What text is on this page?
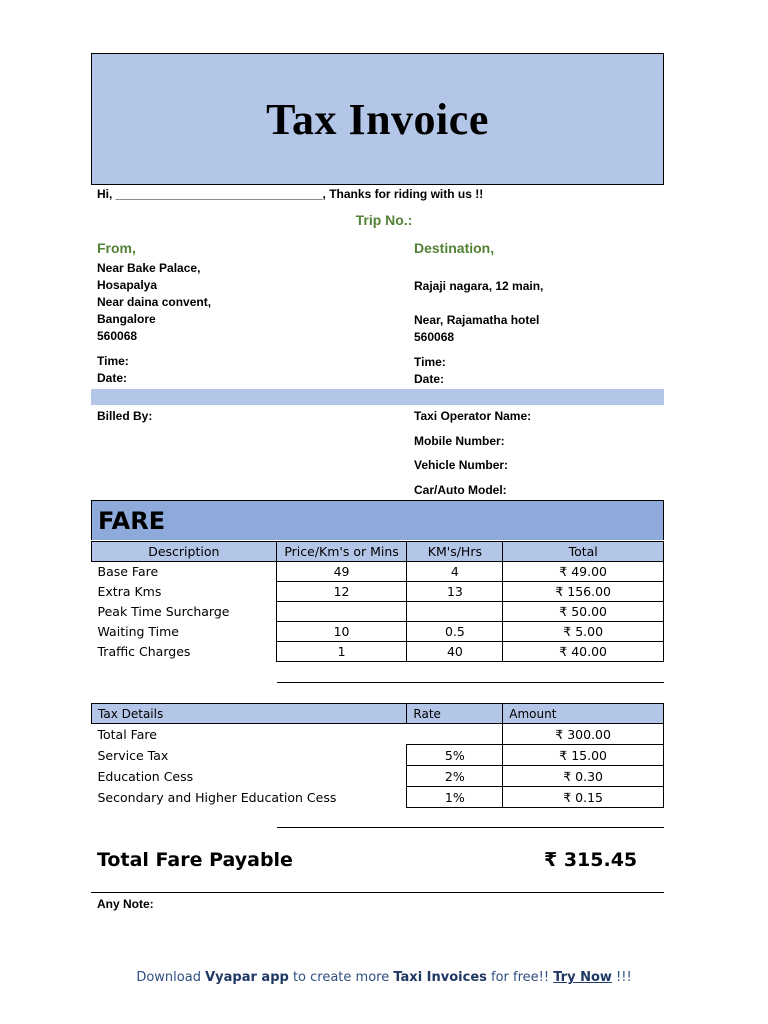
Tax Invoice
Hi, _______________________________, Thanks for riding with us !!
Trip No.:
From,	Destination,
Near Bake Palace,
Hosapalya
Near daina convent,
Bangalore
560068
Time:
Date:
Rajaji nagara, 12 main,
Near, Rajamatha hotel
560068
Time:
Date:
Billed By:	Taxi Operator Name:
Mobile Number:
Vehicle Number:
Car/Auto Model:
FARE
Description	Price/Km's or Mins	KM's/Hrs	Total
Base Fare	49	4	₹ 49.00
Extra Kms	12	13	₹ 156.00
Peak Time Surcharge			₹ 50.00
Waiting Time	10	0.5	₹ 5.00
Traffic Charges	1	40	₹ 40.00
Tax Details	Rate	Amount
Total Fare		₹ 300.00
Service Tax	5%	₹ 15.00
Education Cess	2%	₹ 0.30
Secondary and Higher Education Cess	1%	₹ 0.15
Total Fare Payable	₹ 315.45
Any Note:
Download Vyapar app to create more Taxi Invoices for free!! Try Now !!!
